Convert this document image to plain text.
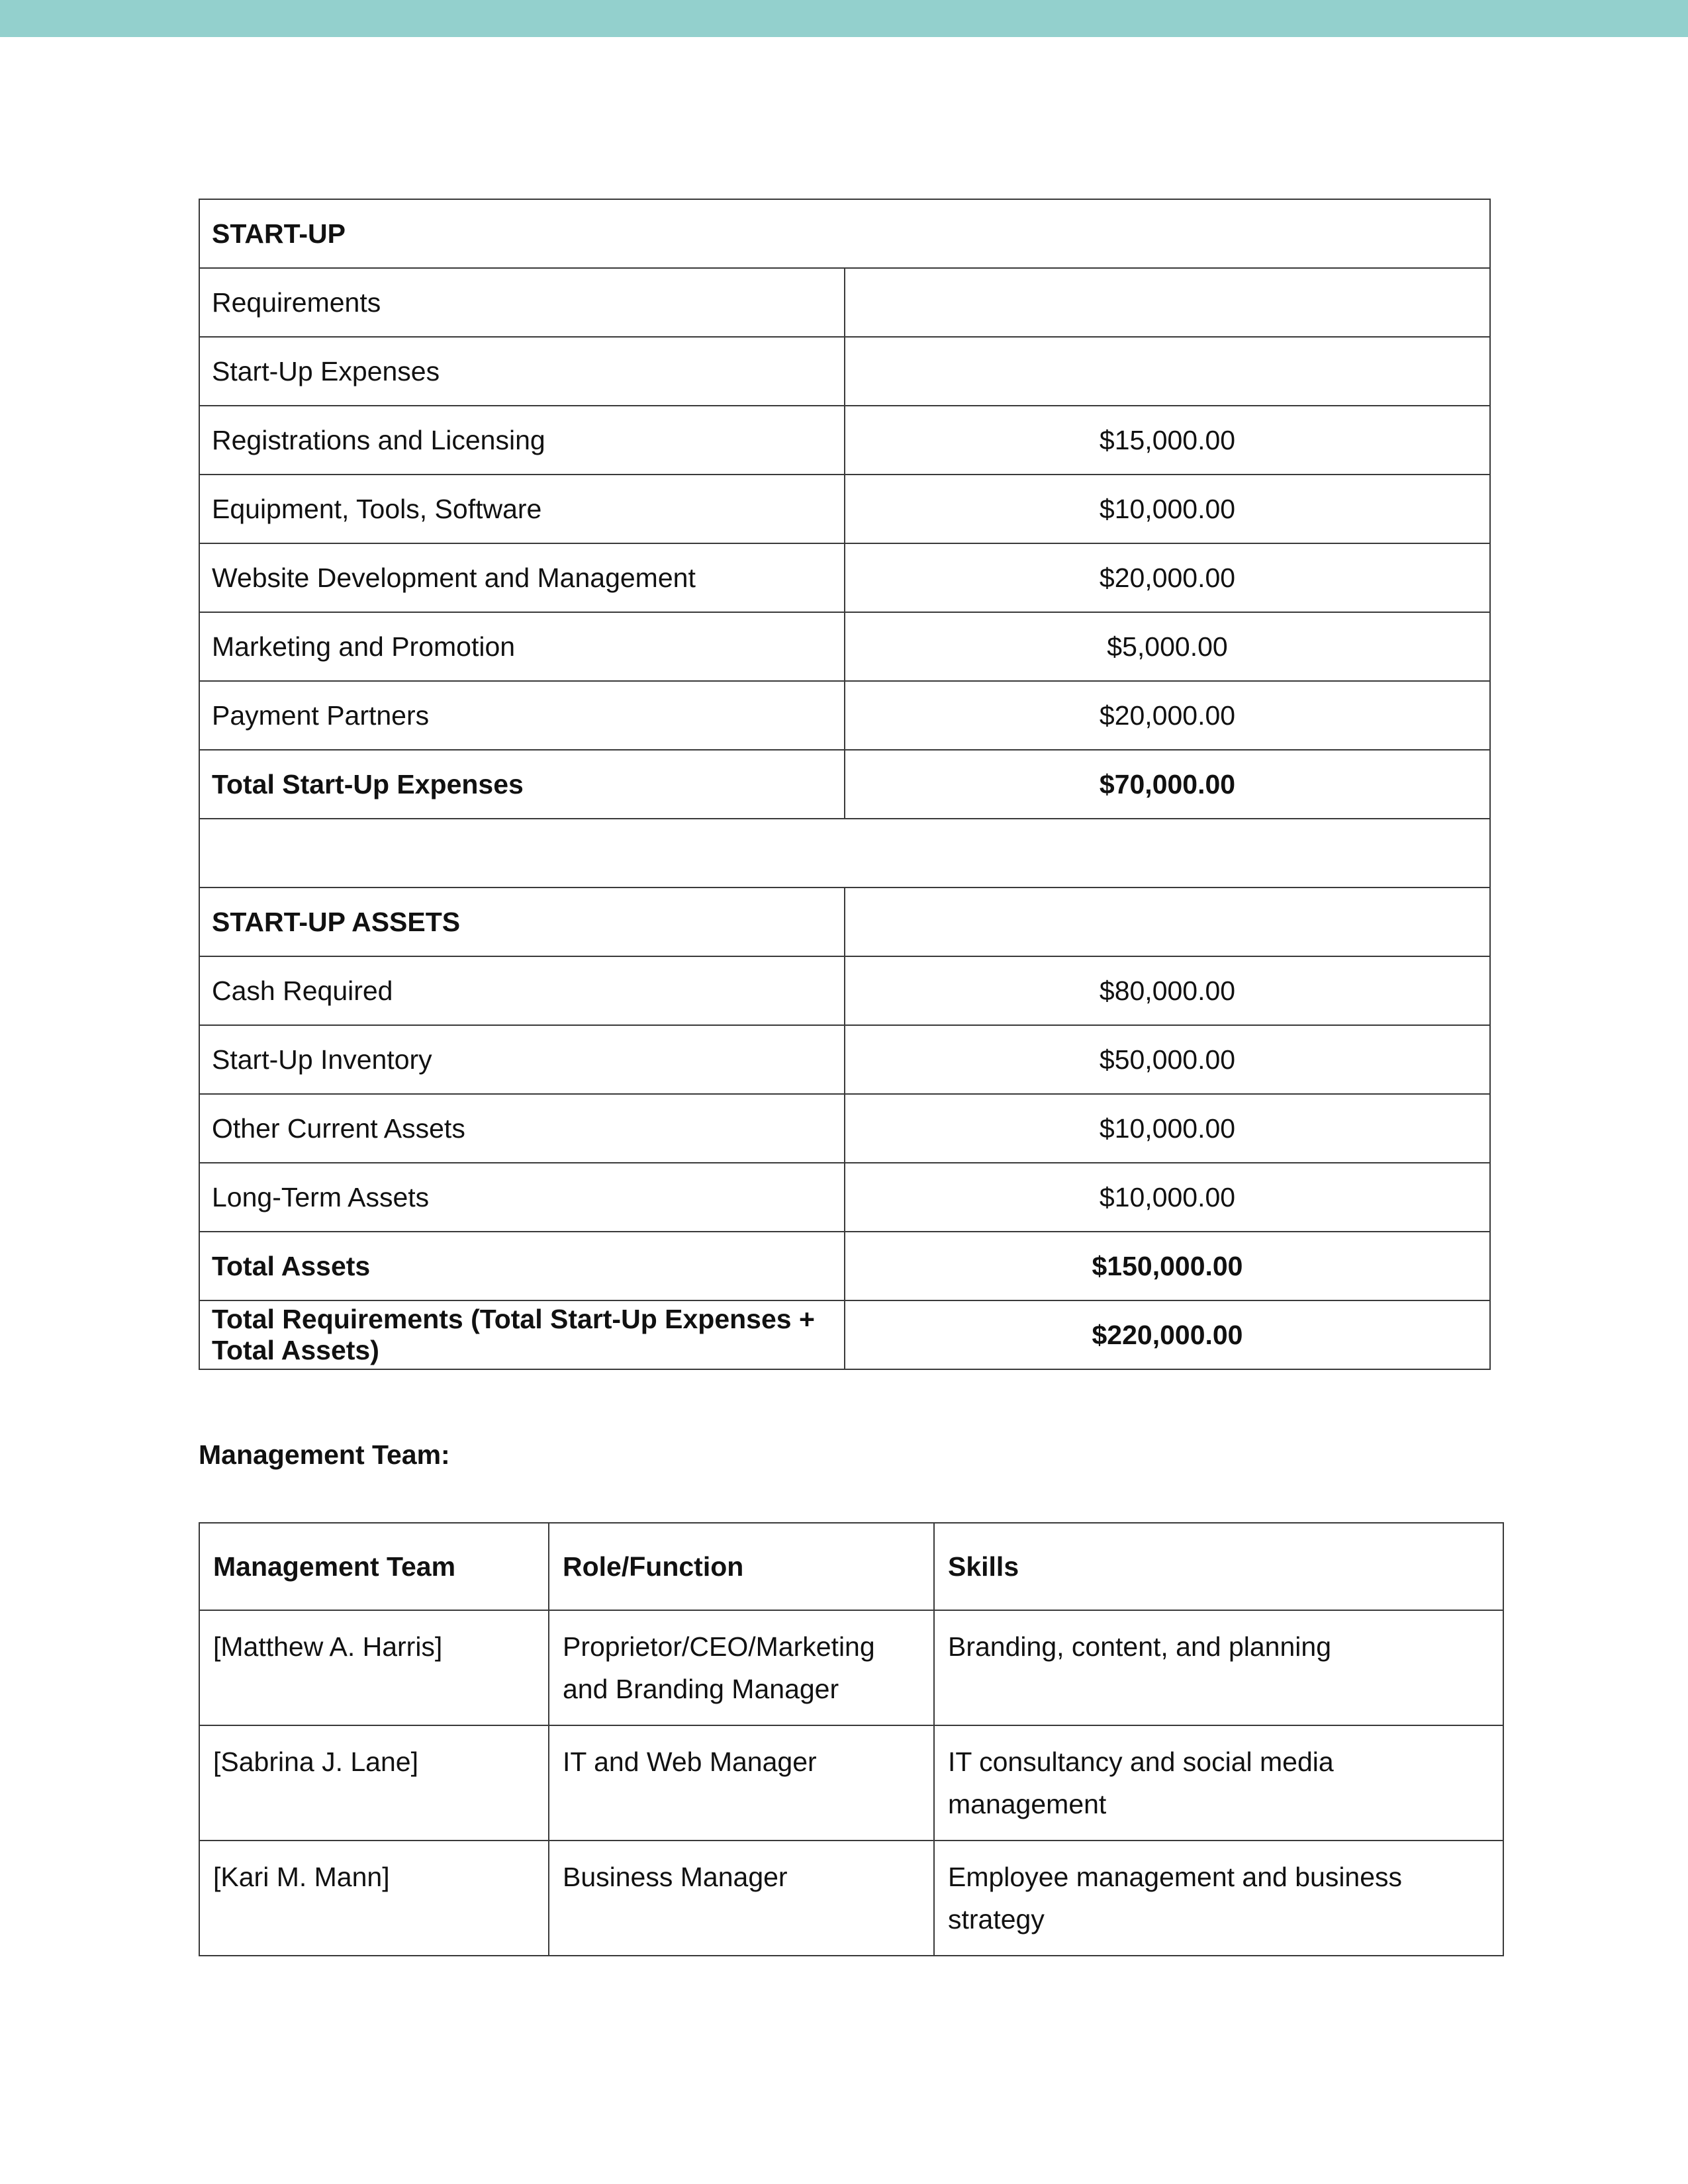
START-UP	
Requirements	
Start-Up Expenses	
Registrations and Licensing	$15,000.00
Equipment, Tools, Software	$10,000.00
Website Development and Management	$20,000.00
Marketing and Promotion	$5,000.00
Payment Partners	$20,000.00
Total Start-Up Expenses	$70,000.00

START-UP ASSETS	
Cash Required	$80,000.00
Start-Up Inventory	$50,000.00
Other Current Assets	$10,000.00
Long-Term Assets	$10,000.00
Total Assets	$150,000.00
Total Requirements (Total Start-Up Expenses + Total Assets)	$220,000.00
Management Team:
Management Team	Role/Function	Skills
[Matthew A. Harris]	Proprietor/CEO/Marketing and Branding Manager	Branding, content, and planning
[Sabrina J. Lane]	IT and Web Manager	IT consultancy and social media management
[Kari M. Mann]	Business Manager	Employee management and business strategy
